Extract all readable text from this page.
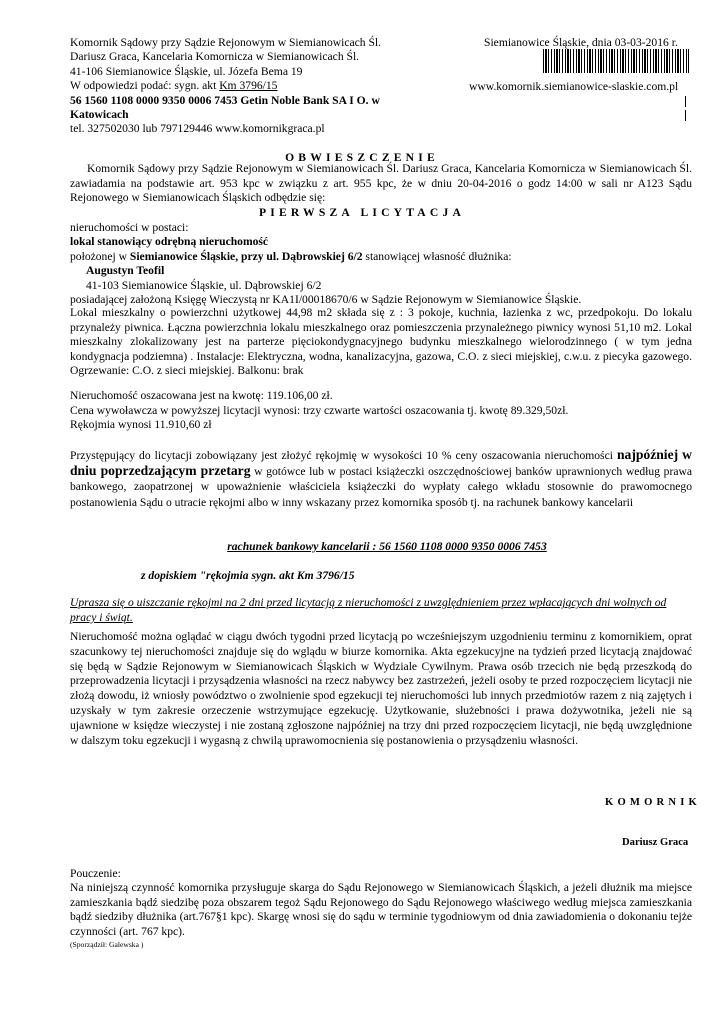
Komornik Sądowy przy Sądzie Rejonowym w Siemianowicach Śl.
Dariusz Graca, Kancelaria Komornicza w Siemianowicach Śl.
41-106 Siemianowice Śląskie, ul. Józefa Bema 19
W odpowiedzi podać: sygn. akt Km 3796/15
56 1560 1108 0000 9350 0006 7453 Getin Noble Bank SA I O. w
Katowicach
tel. 327502030 lub 797129446 www.komornikgraca.pl
Siemianowice Śląskie, dnia 03-03-2016 r.
www.komornik.siemianowice-slaskie.com.pl
OBWIESZCZENIE
Komornik Sądowy przy Sądzie Rejonowym w Siemianowicach Śl. Dariusz Graca, Kancelaria Komornicza w Siemianowicach Śl. zawiadamia na podstawie art. 953 kpc w związku z art. 955 kpc, że w dniu 20-04-2016 o godz 14:00 w sali nr A123 Sądu Rejonowego w Siemianowicach Śląskich odbędzie się:
PIERWSZA LICYTACJA
nieruchomości w postaci:
lokal stanowiący odrębną nieruchomość
położonej w Siemianowice Śląskie, przy ul. Dąbrowskiej 6/2 stanowiącej własność dłużnika:
Augustyn Teofil
41-103 Siemianowice Śląskie, ul. Dąbrowskiej 6/2
posiadającej założoną Księgę Wieczystą nr KA1I/00018670/6 w Sądzie Rejonowym w Siemianowice Śląskie.
Lokal mieszkalny o powierzchni użytkowej 44,98 m2 składa się z : 3 pokoje, kuchnia, łazienka z wc, przedpokoju. Do lokalu przynależy piwnica. Łączna powierzchnia lokalu mieszkalnego oraz pomieszczenia przynależnego piwnicy wynosi 51,10 m2. Lokal mieszkalny zlokalizowany jest na parterze pięciokondygnacyjnego budynku mieszkalnego wielorodzinnego ( w tym jedna kondygnacja podziemna) . Instalacje: Elektryczna, wodna, kanalizacyjna, gazowa, C.O. z sieci miejskiej, c.w.u. z piecyka gazowego. Ogrzewanie: C.O. z sieci miejskiej. Balkonu: brak
Nieruchomość oszacowana jest na kwotę: 119.106,00 zł.
Cena wywoławcza w powyższej licytacji wynosi: trzy czwarte wartości oszacowania tj. kwotę 89.329,50zł.
Rękojmia wynosi 11.910,60 zł
Przystępujący do licytacji zobowiązany jest złożyć rękojmię w wysokości 10 % ceny oszacowania nieruchomości najpóźniej w dniu poprzedzającym przetarg w gotówce lub w postaci książeczki oszczędnościowej banków uprawnionych według prawa bankowego, zaopatrzonej w upoważnienie właściciela książeczki do wypłaty całego wkładu stosownie do prawomocnego postanowienia Sądu o utracie rękojmi albo w inny wskazany przez komornika sposób tj. na rachunek bankowy kancelarii
rachunek bankowy kancelarii : 56 1560 1108 0000 9350 0006 7453
z dopiskiem "rękojmia sygn. akt Km 3796/15
Uprasza się o uiszczanie rękojmi na 2 dni przed licytacją z nieruchomości z uwzględnieniem przez wpłacających dni wolnych od pracy i świąt.
Nieruchomość można oglądać w ciągu dwóch tygodni przed licytacją po wcześniejszym uzgodnieniu terminu z komornikiem, oprat szacunkowy tej nieruchomości znajduje się do wglądu w biurze komornika. Akta egzekucyjne na tydzień przed licytacją znajdować się będą w Sądzie Rejonowym w Siemianowicach Śląskich w Wydziale Cywilnym. Prawa osób trzecich nie będą przeszkodą do przeprowadzenia licytacji i przysądzenia własności na rzecz nabywcy bez zastrzeżeń, jeżeli osoby te przed rozpoczęciem licytacji nie złożą dowodu, iż wniosły powództwo o zwolnienie spod egzekucji tej nieruchomości lub innych przedmiotów razem z nią zajętych i uzyskały w tym zakresie orzeczenie wstrzymujące egzekucję. Użytkowanie, służebności i prawa dożywotnika, jeżeli nie są ujawnione w księdze wieczystej i nie zostaną zgłoszone najpóźniej na trzy dni przed rozpoczęciem licytacji, nie będą uwzględnione w dalszym toku egzekucji i wygasną z chwilą uprawomocnienia się postanowienia o przysądzeniu własności.
KOMORNIK
Dariusz Graca
Pouczenie:
Na niniejszą czynność komornika przysługuje skarga do Sądu Rejonowego w Siemianowicach Śląskich, a jeżeli dłużnik ma miejsce zamieszkania bądź siedzibę poza obszarem tegoż Sądu Rejonowego do Sądu Rejonowego właściwego według miejsca zamieszkania bądź siedziby dłużnika (art.767§1 kpc). Skargę wnosi się do sądu w terminie tygodniowym od dnia zawiadomienia o dokonaniu tejże czynności (art. 767 kpc).
(Sporządził: Galewska )
